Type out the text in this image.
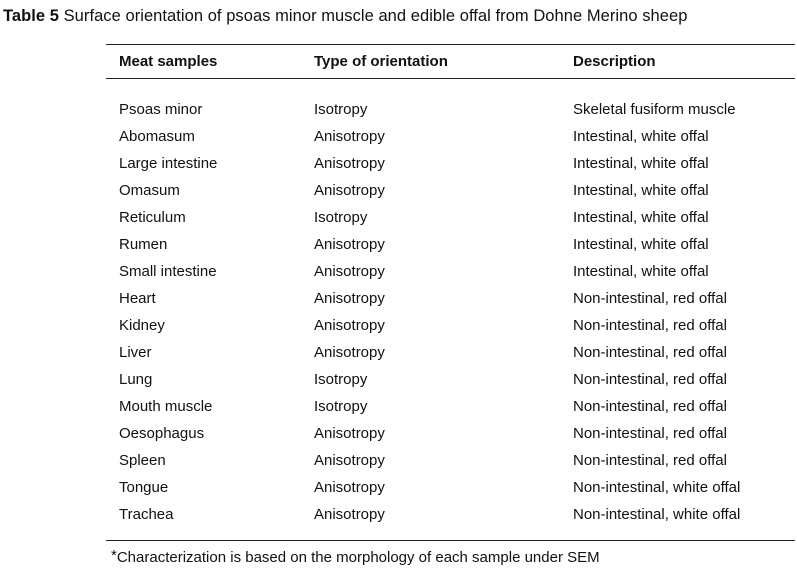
Table 5 Surface orientation of psoas minor muscle and edible offal from Dohne Merino sheep
Meat samples	Type of orientation	Description
Psoas minor	Isotropy	Skeletal fusiform muscle
Abomasum	Anisotropy	Intestinal, white offal
Large intestine	Anisotropy	Intestinal, white offal
Omasum	Anisotropy	Intestinal, white offal
Reticulum	Isotropy	Intestinal, white offal
Rumen	Anisotropy	Intestinal, white offal
Small intestine	Anisotropy	Intestinal, white offal
Heart	Anisotropy	Non-intestinal, red offal
Kidney	Anisotropy	Non-intestinal, red offal
Liver	Anisotropy	Non-intestinal, red offal
Lung	Isotropy	Non-intestinal, red offal
Mouth muscle	Isotropy	Non-intestinal, red offal
Oesophagus	Anisotropy	Non-intestinal, red offal
Spleen	Anisotropy	Non-intestinal, red offal
Tongue	Anisotropy	Non-intestinal, white offal
Trachea	Anisotropy	Non-intestinal, white offal
*Characterization is based on the morphology of each sample under SEM
